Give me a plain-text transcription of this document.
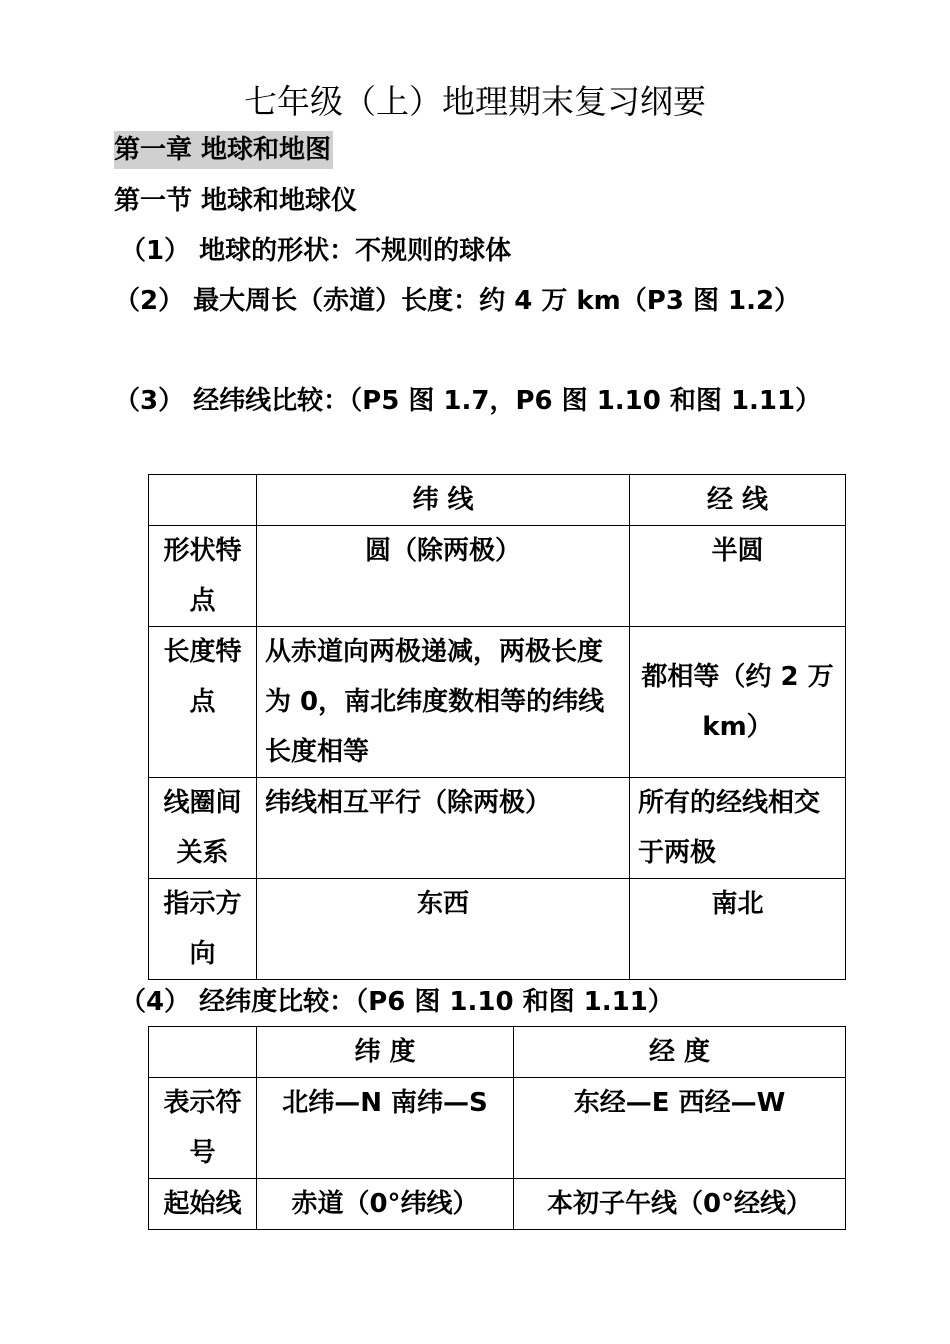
七年级（上）地理期末复习纲要
第一章 地球和地图
第一节 地球和地球仪
（1） 地球的形状：不规则的球体
（2） 最大周长（赤道）长度：约 4 万 km（P3 图 1.2）
（3） 经纬线比较：（P5 图 1.7，P6 图 1.10 和图 1.11）
	纬 线	经 线
形状特点	圆（除两极）	半圆
长度特点	从赤道向两极递减，两极长度为 0，南北纬度数相等的纬线长度相等	都相等（约 2 万 km）
线圈间关系	纬线相互平行（除两极）	所有的经线相交于两极
指示方向	东西	南北
（4） 经纬度比较：（P6 图 1.10 和图 1.11）
	纬 度	经 度
表示符号	北纬—N 南纬—S	东经—E 西经—W
起始线	赤道（0°纬线）	本初子午线（0°经线）
